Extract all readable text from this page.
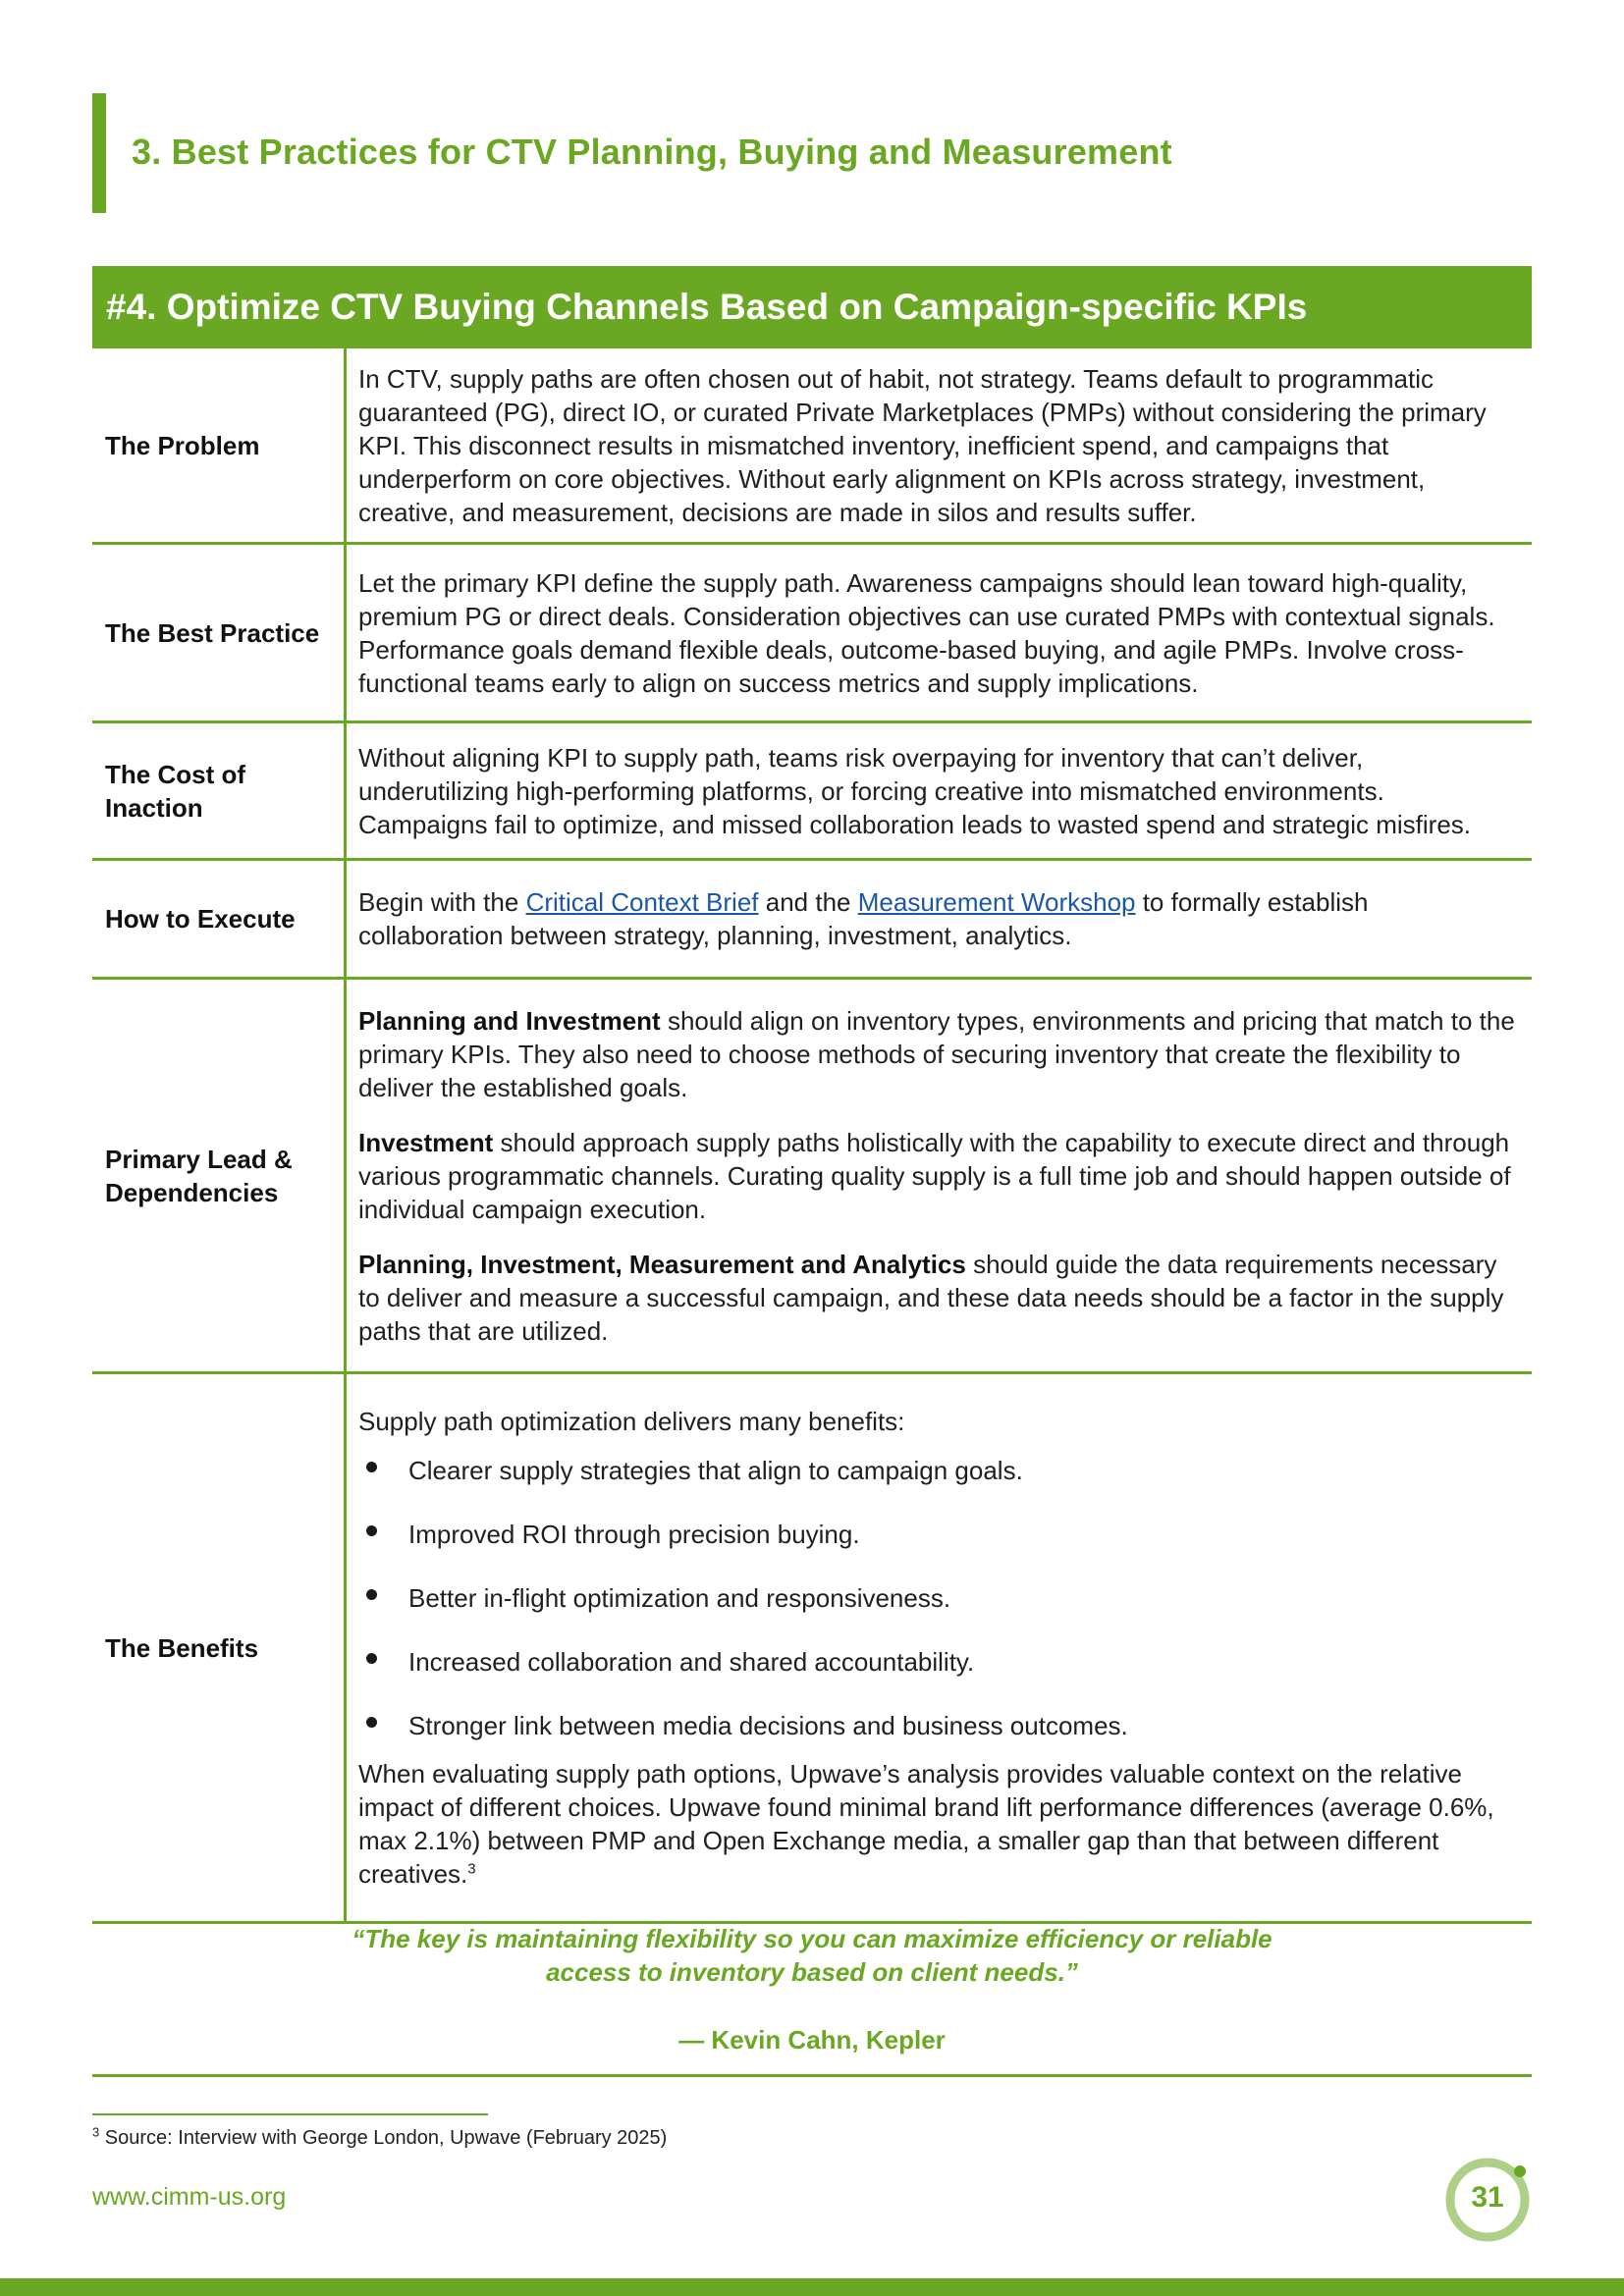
3. Best Practices for CTV Planning, Buying and Measurement
#4. Optimize CTV Buying Channels Based on Campaign-specific KPIs
The Problem

In CTV, supply paths are often chosen out of habit, not strategy. Teams default to programmatic guaranteed (PG), direct IO, or curated Private Marketplaces (PMPs) without considering the primary KPI. This disconnect results in mismatched inventory, inefficient spend, and campaigns that underperform on core objectives. Without early alignment on KPIs across strategy, investment, creative, and measurement, decisions are made in silos and results suffer.

The Best Practice

Let the primary KPI define the supply path. Awareness campaigns should lean toward high-quality, premium PG or direct deals. Consideration objectives can use curated PMPs with contextual signals. Performance goals demand flexible deals, outcome-based buying, and agile PMPs. Involve cross-functional teams early to align on success metrics and supply implications.

The Cost of Inaction

Without aligning KPI to supply path, teams risk overpaying for inventory that can’t deliver, underutilizing high-performing platforms, or forcing creative into mismatched environments. Campaigns fail to optimize, and missed collaboration leads to wasted spend and strategic misfires.

How to Execute

Begin with the Critical Context Brief and the Measurement Workshop to formally establish collaboration between strategy, planning, investment, analytics.

Primary Lead & Dependencies

Planning and Investment should align on inventory types, environments and pricing that match to the primary KPIs. They also need to choose methods of securing inventory that create the flexibility to deliver the established goals.

Investment should approach supply paths holistically with the capability to execute direct and through various programmatic channels. Curating quality supply is a full time job and should happen outside of individual campaign execution.

Planning, Investment, Measurement and Analytics should guide the data requirements necessary to deliver and measure a successful campaign, and these data needs should be a factor in the supply paths that are utilized.

The Benefits

Supply path optimization delivers many benefits:

Clearer supply strategies that align to campaign goals.
Improved ROI through precision buying.
Better in-flight optimization and responsiveness.
Increased collaboration and shared accountability.
Stronger link between media decisions and business outcomes.

When evaluating supply path options, Upwave’s analysis provides valuable context on the relative impact of different choices. Upwave found minimal brand lift performance differences (average 0.6%, max 2.1%) between PMP and Open Exchange media, a smaller gap than that between different creatives.$^3$

“The key is maintaining flexibility so you can maximize efficiency or reliable
access to inventory based on client needs.”
— Kevin Cahn, Kepler
$^3$ Source: Interview with George London, Upwave (February 2025)
www.cimm-us.org	31
